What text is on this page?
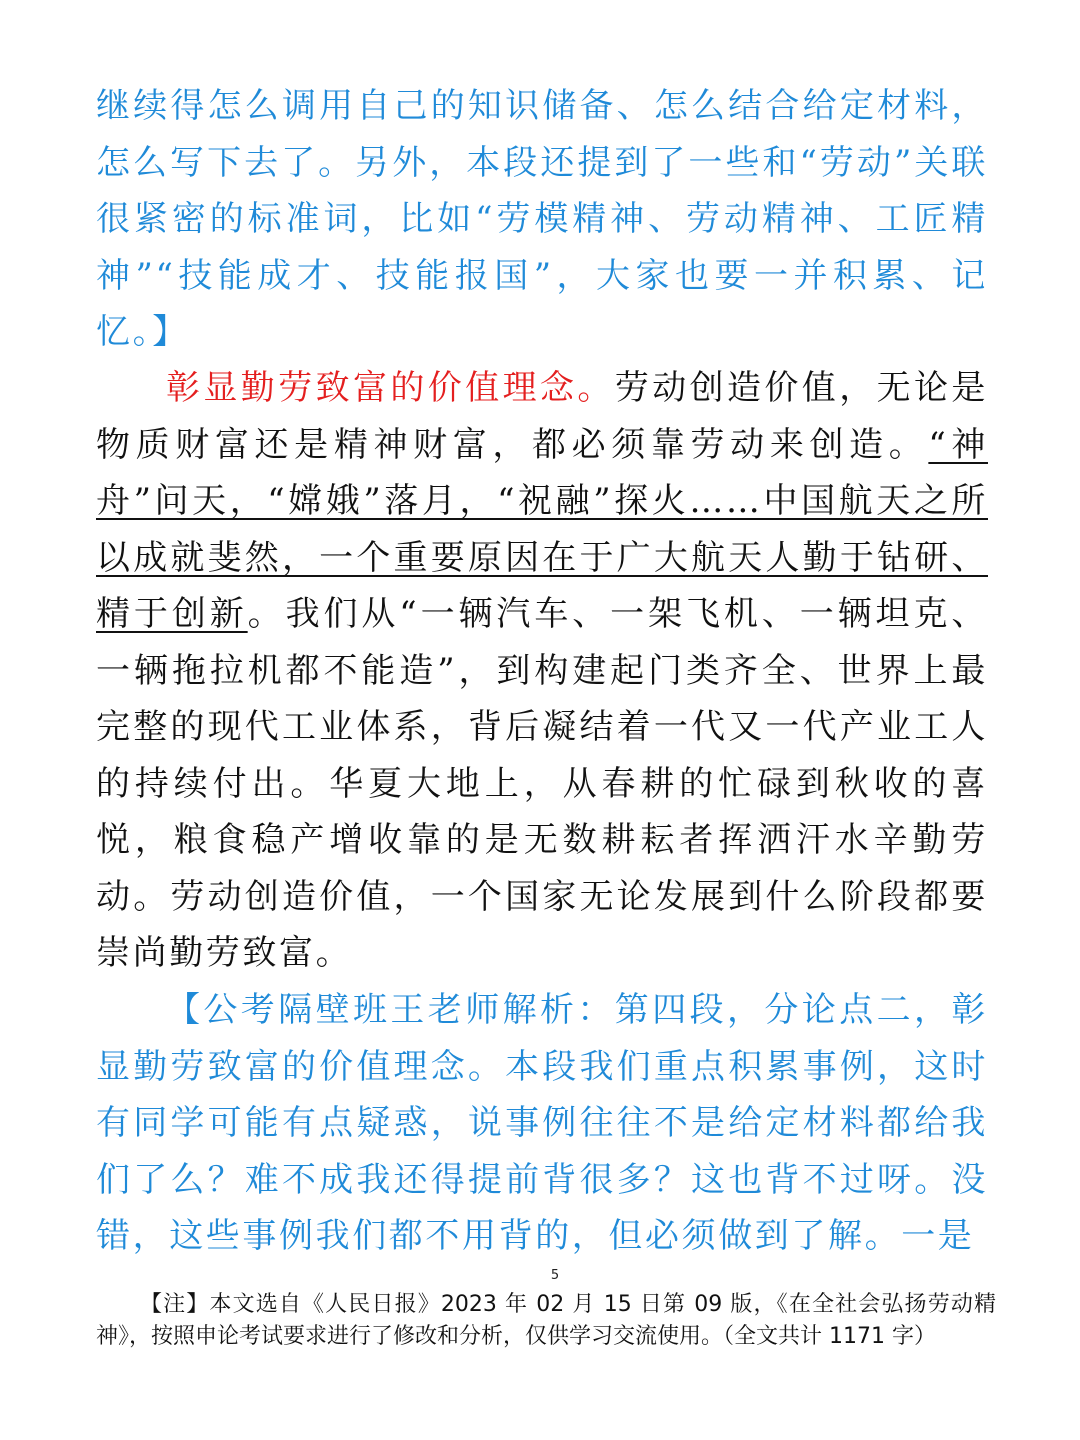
继续得怎么调用自己的知识储备、怎么结合给定材料，怎么写下去了。另外，本段还提到了一些和“劳动”关联很紧密的标准词，比如“劳模精神、劳动精神、工匠精神”“技能成才、技能报国”，大家也要一并积累、记忆。】

彰显勤劳致富的价值理念。劳动创造价值，无论是物质财富还是精神财富，都必须靠劳动来创造。“神舟”问天，“嫦娥”落月，“祝融”探火……中国航天之所以成就斐然，一个重要原因在于广大航天人勤于钻研、精于创新。我们从“一辆汽车、一架飞机、一辆坦克、一辆拖拉机都不能造”，到构建起门类齐全、世界上最完整的现代工业体系，背后凝结着一代又一代产业工人的持续付出。华夏大地上，从春耕的忙碌到秋收的喜悦，粮食稳产增收靠的是无数耕耘者挥洒汗水辛勤劳动。劳动创造价值，一个国家无论发展到什么阶段都要崇尚勤劳致富。

【公考隔壁班王老师解析：第四段，分论点二，彰显勤劳致富的价值理念。本段我们重点积累事例，这时有同学可能有点疑惑，说事例往往不是给定材料都给我们了么？难不成我还得提前背很多？这也背不过呀。没错，这些事例我们都不用背的，但必须做到了解。一是

5
【注】本文选自《人民日报》2023 年 02 月 15 日第 09 版，《在全社会弘扬劳动精神》，按照申论考试要求进行了修改和分析，仅供学习交流使用。（全文共计 1171 字）
